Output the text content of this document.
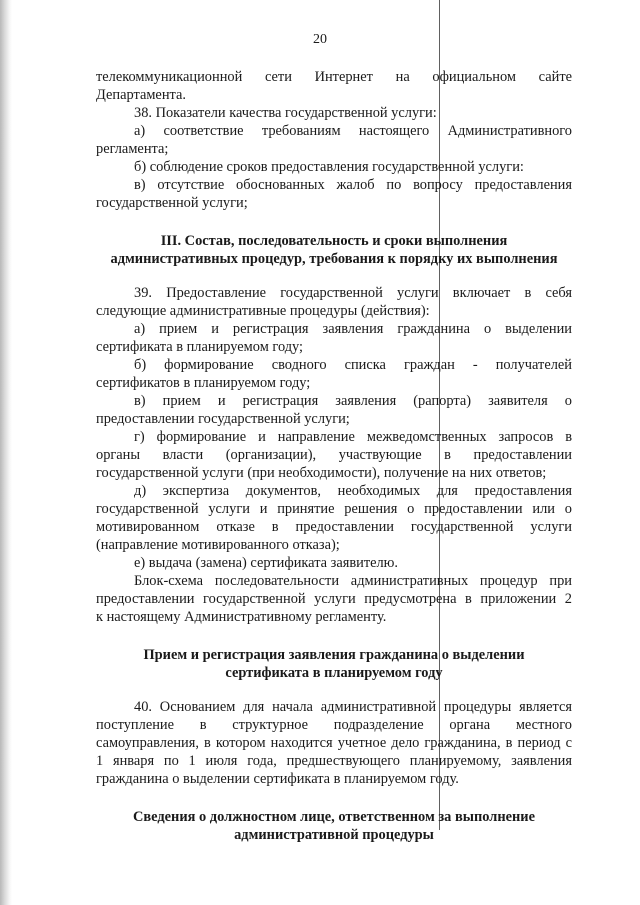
20
телекоммуникационной сети Интернет на официальном сайте
Департамента.
38. Показатели качества государственной услуги:
а) соответствие требованиям настоящего Административного
регламента;
б) соблюдение сроков предоставления государственной услуги:
в) отсутствие обоснованных жалоб по вопросу предоставления
государственной услуги;
III. Состав, последовательность и сроки выполнения
административных процедур, требования к порядку их выполнения
39. Предоставление государственной услуги включает в себя
следующие административные процедуры (действия):
а) прием и регистрация заявления гражданина о выделении
сертификата в планируемом году;
б) формирование сводного списка граждан - получателей
сертификатов в планируемом году;
в) прием и регистрация заявления (рапорта) заявителя о
предоставлении государственной услуги;
г) формирование и направление межведомственных запросов в
органы власти (организации), участвующие в предоставлении
государственной услуги (при необходимости), получение на них ответов;
д) экспертиза документов, необходимых для предоставления
государственной услуги и принятие решения о предоставлении или о
мотивированном отказе в предоставлении государственной услуги
(направление мотивированного отказа);
е) выдача (замена) сертификата заявителю.
Блок-схема последовательности административных процедур при
предоставлении государственной услуги предусмотрена в приложении 2
к настоящему Административному регламенту.
Прием и регистрация заявления гражданина о выделении
сертификата в планируемом году
40. Основанием для начала административной процедуры является
поступление в структурное подразделение органа местного
самоуправления, в котором находится учетное дело гражданина, в период с
1 января по 1 июля года, предшествующего планируемому, заявления
гражданина о выделении сертификата в планируемом году.
Сведения о должностном лице, ответственном за выполнение
административной процедуры
